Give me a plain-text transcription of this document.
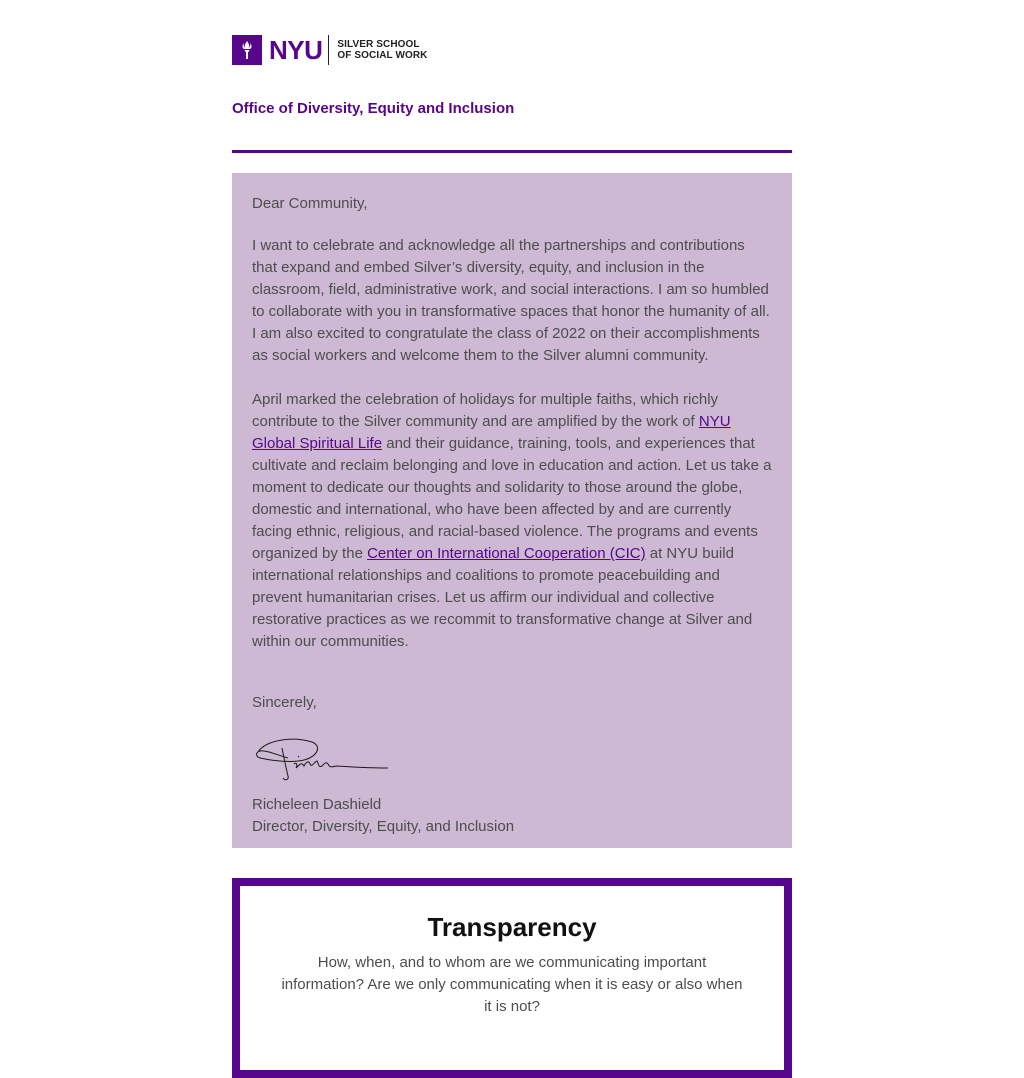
NYU SILVER SCHOOL
OF SOCIAL WORK
Office of Diversity, Equity and Inclusion

Dear Community,

I want to celebrate and acknowledge all the partnerships and contributions that expand and embed Silver’s diversity, equity, and inclusion in the classroom, field, administrative work, and social interactions. I am so humbled to collaborate with you in transformative spaces that honor the humanity of all. I am also excited to congratulate the class of 2022 on their accomplishments as social workers and welcome them to the Silver alumni community.

April marked the celebration of holidays for multiple faiths, which richly contribute to the Silver community and are amplified by the work of NYU Global Spiritual Life and their guidance, training, tools, and experiences that cultivate and reclaim belonging and love in education and action. Let us take a moment to dedicate our thoughts and solidarity to those around the globe, domestic and international, who have been affected by and are currently facing ethnic, religious, and racial-based violence. The programs and events organized by the Center on International Cooperation (CIC) at NYU build international relationships and coalitions to promote peacebuilding and prevent humanitarian crises. Let us affirm our individual and collective restorative practices as we recommit to transformative change at Silver and within our communities.

Sincerely,

Richeleen Dashield

Director, Diversity, Equity, and Inclusion

Transparency

How, when, and to whom are we communicating important information? Are we only communicating when it is easy or also when it is not?
